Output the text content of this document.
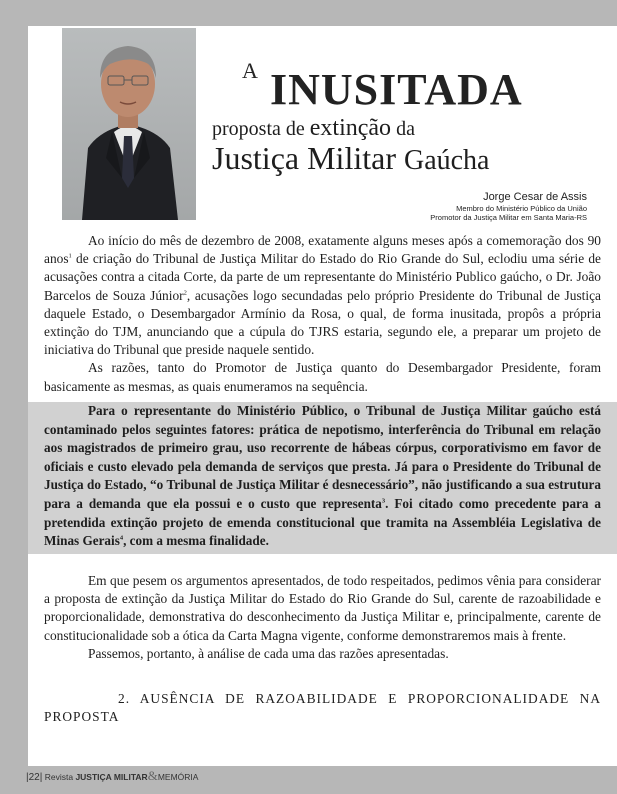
A INUSITADA
proposta de extinção da
Justiça Militar Gaúcha
Jorge Cesar de Assis
Membro do Ministério Público da União
Promotor da Justiça Militar em Santa Maria-RS

Ao início do mês de dezembro de 2008, exatamente alguns meses após a comemoração dos 90 anos$^1$ de criação do Tribunal de Justiça Militar do Estado do Rio Grande do Sul, eclodiu uma série de acusações contra a citada Corte, da parte de um representante do Ministério Publico gaúcho, o Dr. João Barcelos de Souza Júnior$^2$, acusações logo secundadas pelo próprio Presidente do Tribunal de Justiça daquele Estado, o Desembargador Armínio da Rosa, o qual, de forma inusitada, propôs a própria extinção do TJM, anunciando que a cúpula do TJRS estaria, segundo ele, a preparar um projeto de iniciativa do Tribunal que preside naquele sentido.

As razões, tanto do Promotor de Justiça quanto do Desembargador Presidente, foram basicamente as mesmas, as quais enumeramos na sequência.

Para o representante do Ministério Público, o Tribunal de Justiça Militar gaúcho está contaminado pelos seguintes fatores: prática de nepotismo, interferência do Tribunal em relação aos magistrados de primeiro grau, uso recorrente de hábeas córpus, corporativismo em favor de oficiais e custo elevado pela demanda de serviços que presta. Já para o Presidente do Tribunal de Justiça do Estado, “o Tribunal de Justiça Militar é desnecessário”, não justificando a sua estrutura para a demanda que ela possui e o custo que representa$^3$. Foi citado como precedente para a pretendida extinção projeto de emenda constitucional que tramita na Assembléia Legislativa de Minas Gerais$^4$, com a mesma finalidade.

Em que pesem os argumentos apresentados, de todo respeitados, pedimos vênia para considerar a proposta de extinção da Justiça Militar do Estado do Rio Grande do Sul, carente de razoabilidade e proporcionalidade, demonstrativa do desconhecimento da Justiça Militar e, principalmente, carente de constitucionalidade sob a ótica da Carta Magna vigente, conforme demonstraremos mais à frente.

Passemos, portanto, à análise de cada uma das razões apresentadas.

2. AUSÊNCIA DE RAZOABILIDADE E PROPORCIONALIDADE NA PROPOSTA
|22| Revista JUSTIÇA MILITAR&MEMÓRIA
